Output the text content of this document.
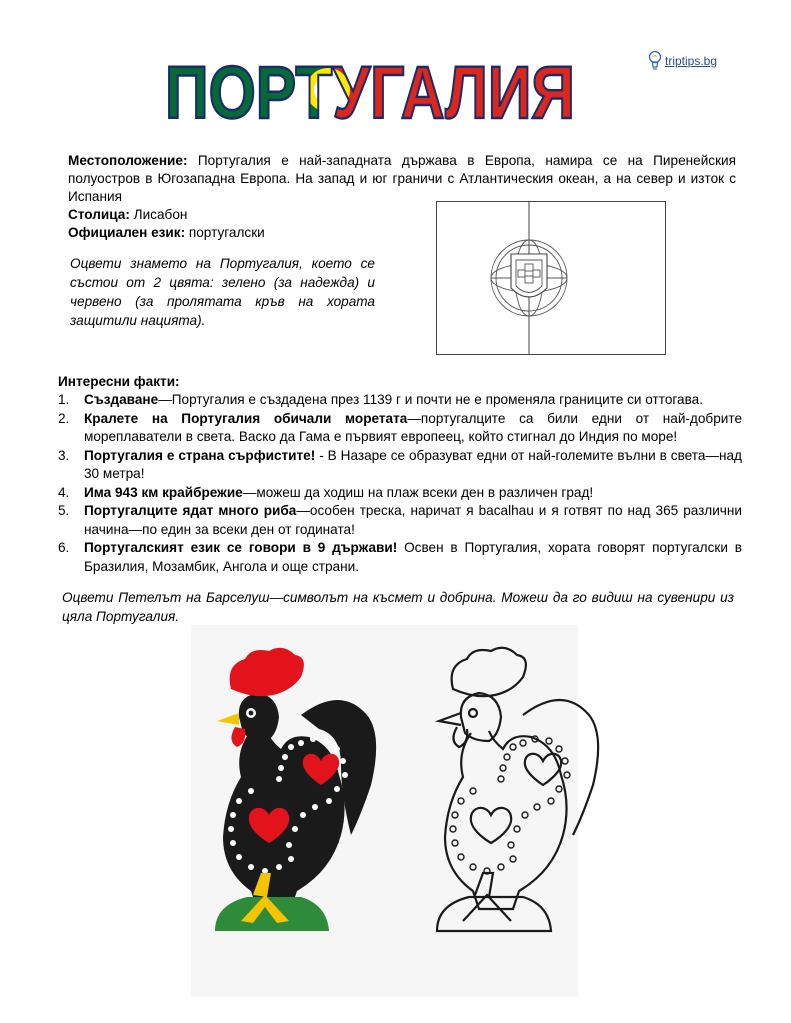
ПОРТУГАЛИЯ	triptips.bg
Местоположение: Португалия е най-западната държава в Европа, намира се на Пиренейския полуостров в Югозападна Европа. На запад и юг граничи с Атлантическия океан, а на север и изток с Испания
Столица: Лисабон
Официален език: португалски
Оцвети знамето на Португалия, което се състои от 2 цвята: зелено (за надежда) и червено (за пролятата кръв на хората защитили нацията).
Интересни факти:
1. Създаване—Португалия е създадена през 1139 г и почти не е променяла границите си оттогава.
2. Кралете на Португалия обичали моретата—португалците са били едни от най-добрите мореплаватели в света. Васко да Гама е първият европеец, който стигнал до Индия по море!
3. Португалия е страна сърфистите! - В Назаре се образуват едни от най-големите вълни в света—над 30 метра!
4. Има 943 км крайбрежие—можеш да ходиш на плаж всеки ден в различен град!
5. Португалците ядат много риба—особен треска, наричат я bacalhau и я готвят по над 365 различни начина—по един за всеки ден от годината!
6. Португалският език се говори в 9 държави! Освен в Португалия, хората говорят португалски в Бразилия, Мозамбик, Ангола и още страни.
Оцвети Петелът на Барселуш—символът на късмет и добрина. Можеш да го видиш на сувенири из цяла Португалия.
